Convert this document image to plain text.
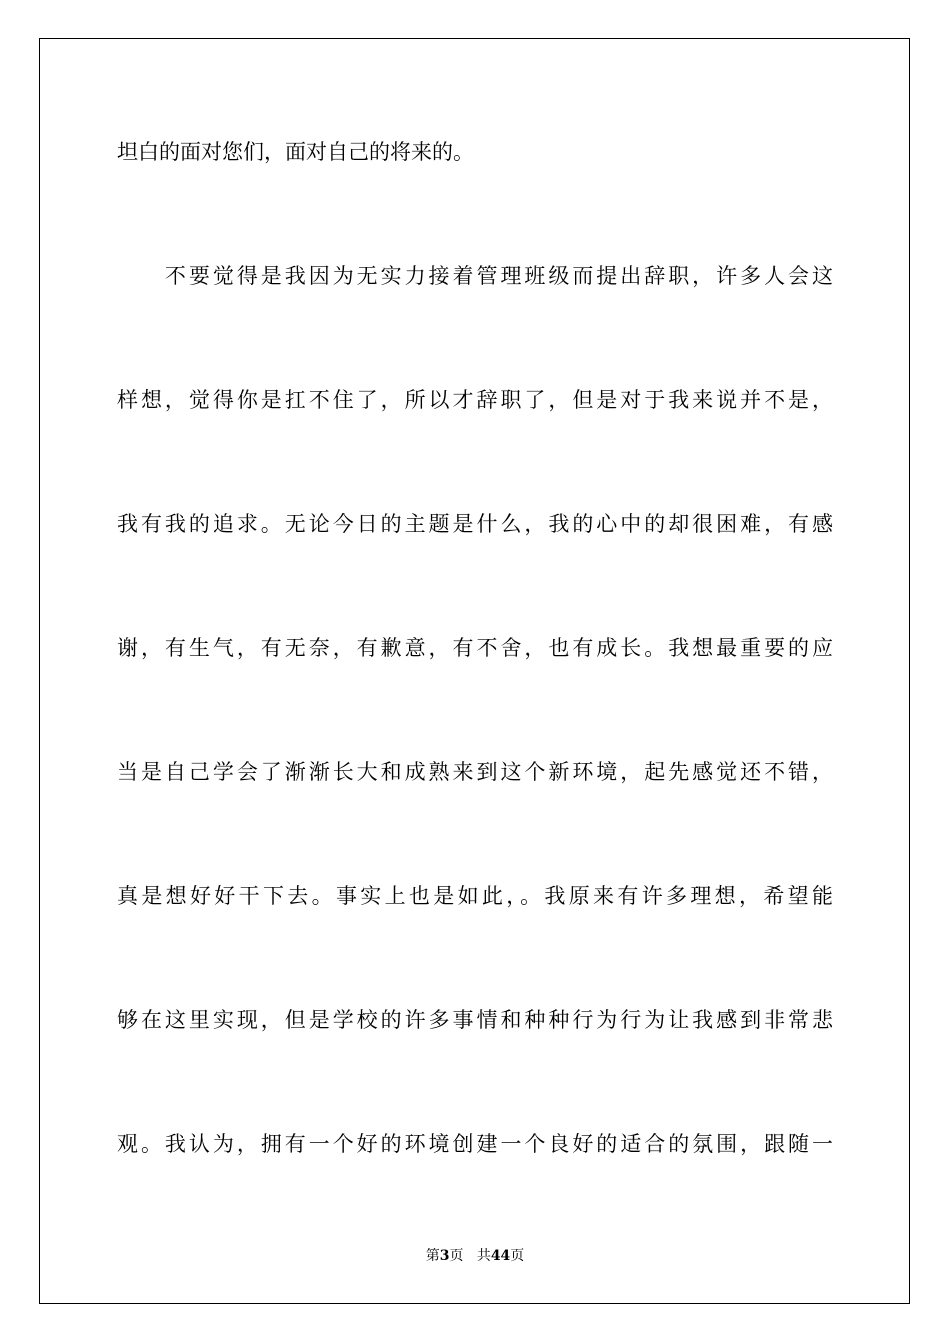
坦白的面对您们，面对自己的将来的。
　　不要觉得是我因为无实力接着管理班级而提出辞职，许多人会这
样想，觉得你是扛不住了，所以才辞职了，但是对于我来说并不是，
我有我的追求。无论今日的主题是什么，我的心中的却很困难，有感
谢，有生气，有无奈，有歉意，有不舍，也有成长。我想最重要的应
当是自己学会了渐渐长大和成熟来到这个新环境，起先感觉还不错，
真是想好好干下去。事实上也是如此，。我原来有许多理想，希望能
够在这里实现，但是学校的许多事情和种种行为行为让我感到非常悲
观。我认为，拥有一个好的环境创建一个良好的适合的氛围，跟随一
第3页 共44页
